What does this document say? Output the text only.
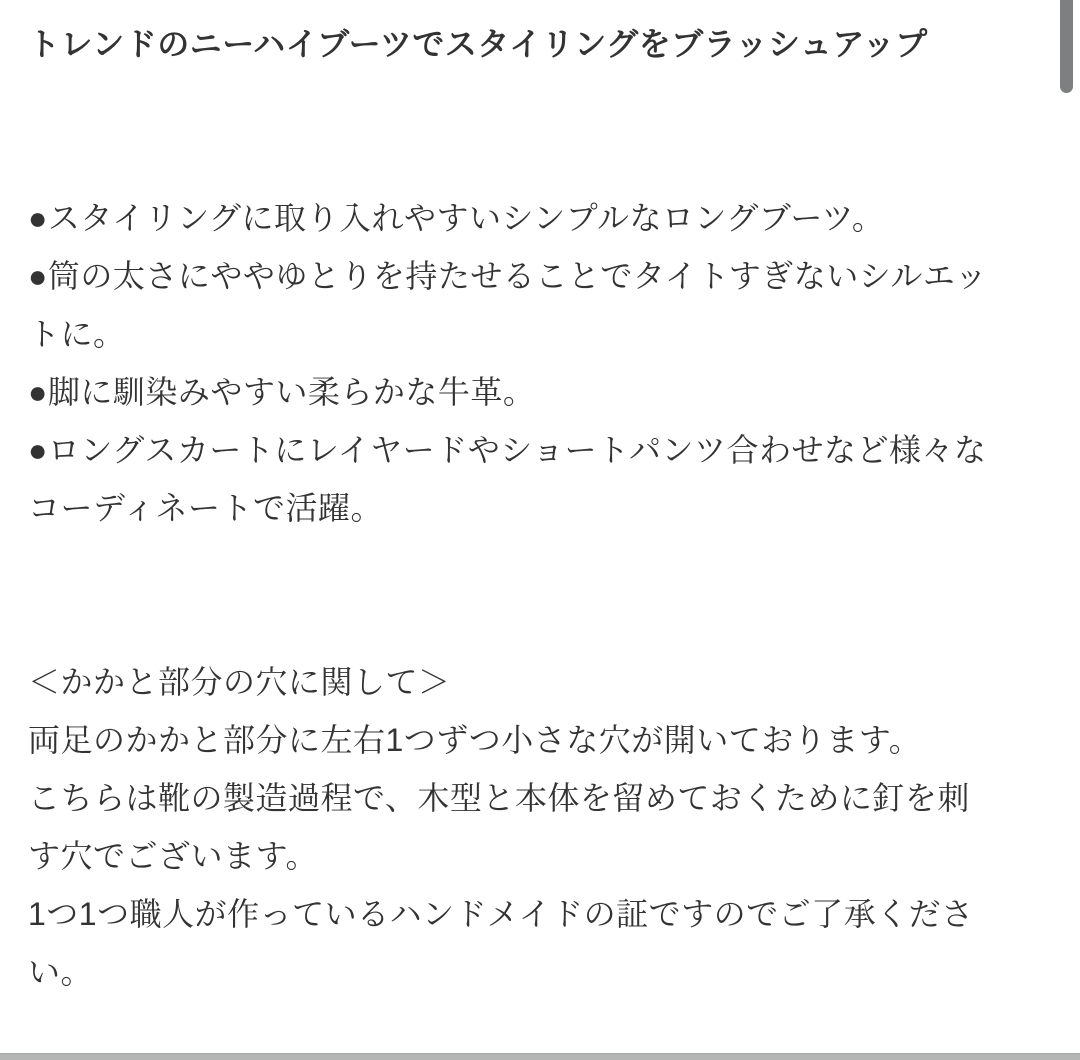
トレンドのニーハイブーツでスタイリングをブラッシュアップ

●スタイリングに取り入れやすいシンプルなロングブーツ。

●筒の太さにややゆとりを持たせることでタイトすぎないシルエットに。

●脚に馴染みやすい柔らかな牛革。

●ロングスカートにレイヤードやショートパンツ合わせなど様々なコーディネートで活躍。

＜かかと部分の穴に関して＞

両足のかかと部分に左右1つずつ小さな穴が開いております。

こちらは靴の製造過程で、木型と本体を留めておくために釘を刺す穴でございます。

1つ1つ職人が作っているハンドメイドの証ですのでご了承ください。
